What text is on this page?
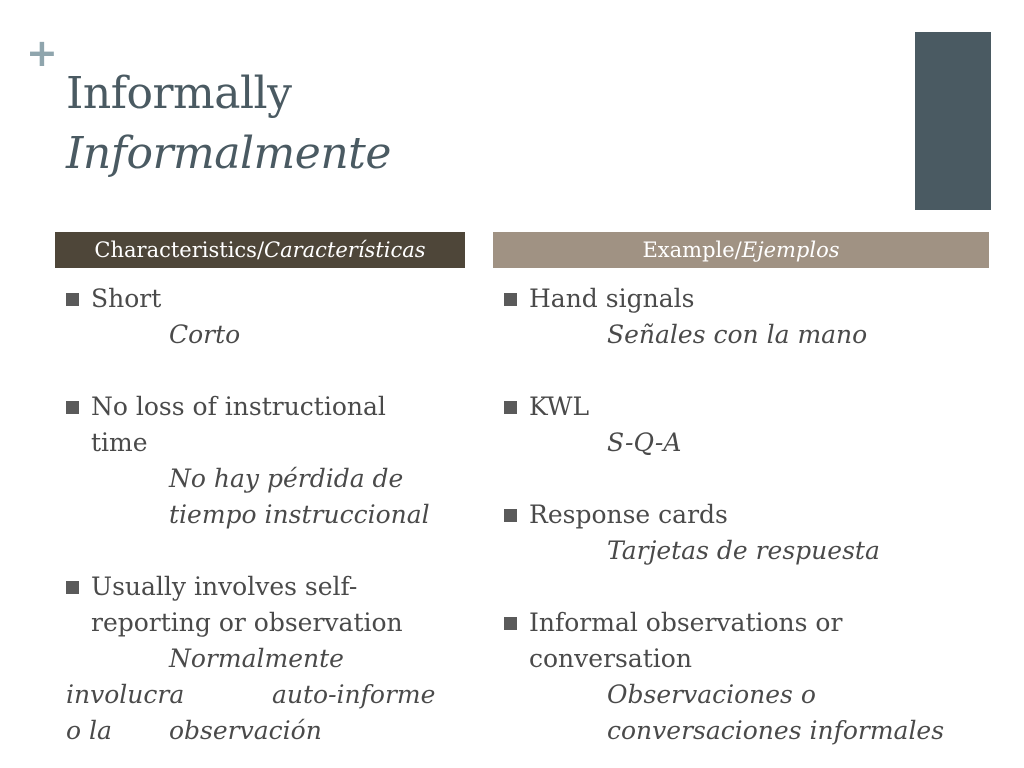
+
Informally
Informalmente
Characteristics/Características	Example/Ejemplos
Short
Corto
No loss of instructional
time
No hay pérdida de
tiempo instruccional
Usually involves self-
reporting or observation
Normalmente
involucra	auto-informe
o la observación
Hand signals
Señales con la mano
KWL
S-Q-A
Response cards
Tarjetas de respuesta
Informal observations or
conversation
Observaciones o
conversaciones informales
